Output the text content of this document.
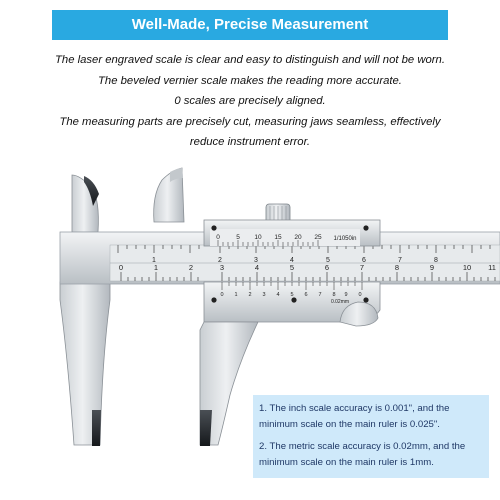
Well-Made, Precise Measurement
The laser engraved scale is clear and easy to distinguish and will not be worn.
The beveled vernier scale makes the reading more accurate.
0 scales are precisely aligned.
The measuring parts are precisely cut, measuring jaws seamless, effectively
reduce instrument error.
1	2	3	4	5	6	7	8
0	1	2	3	4	5	6	7	8	9	10 11
0	5 10 15 20 25 1/1050in
0 1 2 3 4 5 6 7 8 9 0
0.02mm

1. The inch scale accuracy is 0.001", and the

minimum scale on the main ruler is 0.025".

2. The metric scale accuracy is 0.02mm, and the

minimum scale on the main ruler is 1mm.
